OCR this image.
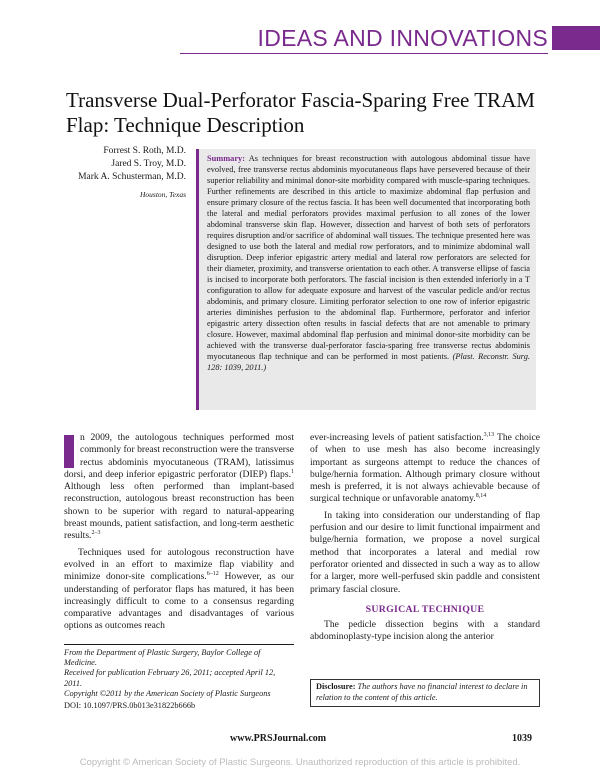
IDEAS AND INNOVATIONS
Transverse Dual-Perforator Fascia-Sparing Free TRAM Flap: Technique Description
Forrest S. Roth, M.D.
Jared S. Troy, M.D.
Mark A. Schusterman, M.D.
Houston, Texas
Summary: As techniques for breast reconstruction with autologous abdominal tissue have evolved, free transverse rectus abdominis myocutaneous flaps have persevered because of their superior reliability and minimal donor-site morbidity compared with muscle-sparing techniques. Further refinements are described in this article to maximize abdominal flap perfusion and ensure primary closure of the rectus fascia. It has been well documented that incorporating both the lateral and medial perforators provides maximal perfusion to all zones of the lower abdominal transverse skin flap. However, dissection and harvest of both sets of perforators requires disruption and/or sacrifice of abdominal wall tissues. The technique presented here was designed to use both the lateral and medial row perforators, and to minimize abdominal wall disruption. Deep inferior epigastric artery medial and lateral row perforators are selected for their diameter, proximity, and transverse orientation to each other. A transverse ellipse of fascia is incised to incorporate both perforators. The fascial incision is then extended inferiorly in a T configuration to allow for adequate exposure and harvest of the vascular pedicle and/or rectus abdominis, and primary closure. Limiting perforator selection to one row of inferior epigastric arteries diminishes perfusion to the abdominal flap. Furthermore, perforator and inferior epigastric artery dissection often results in fascial defects that are not amenable to primary closure. However, maximal abdominal flap perfusion and minimal donor-site morbidity can be achieved with the transverse dual-perforator fascia-sparing free transverse rectus abdominis myocutaneous flap technique and can be performed in most patients. (Plast. Reconstr. Surg. 128: 1039, 2011.)

n 2009, the autologous techniques performed most commonly for breast reconstruction were the transverse rectus abdominis myocutaneous (TRAM), latissimus dorsi, and deep inferior epigastric perforator (DIEP) flaps.$^1$ Although less often performed than implant-based reconstruction, autologous breast reconstruction has been shown to be superior with regard to natural-appearing breast mounds, patient satisfaction, and long-term aesthetic results.$^{2-3}$

Techniques used for autologous reconstruction have evolved in an effort to maximize flap viability and minimize donor-site complications.$^{6-12}$ However, as our understanding of perforator flaps has matured, it has been increasingly difficult to come to a consensus regarding comparative advantages and disadvantages of various options as outcomes reach

ever-increasing levels of patient satisfaction.$^{3,13}$ The choice of when to use mesh has also become increasingly important as surgeons attempt to reduce the chances of bulge/hernia formation. Although primary closure without mesh is preferred, it is not always achievable because of surgical technique or unfavorable anatomy.$^{8,14}$

In taking into consideration our understanding of flap perfusion and our desire to limit functional impairment and bulge/hernia formation, we propose a novel surgical method that incorporates a lateral and medial row perforator oriented and dissected in such a way as to allow for a larger, more well-perfused skin paddle and consistent primary fascial closure.

SURGICAL TECHNIQUE

The pedicle dissection begins with a standard abdominoplasty-type incision along the anterior

From the Department of Plastic Surgery, Baylor College of Medicine.
Received for publication February 26, 2011; accepted April 12, 2011.
Copyright ©2011 by the American Society of Plastic Surgeons
DOI: 10.1097/PRS.0b013e31822b666b
Disclosure: The authors have no financial interest to declare in relation to the content of this article.
www.PRSJournal.com	1039
Copyright © American Society of Plastic Surgeons. Unauthorized reproduction of this article is prohibited.
